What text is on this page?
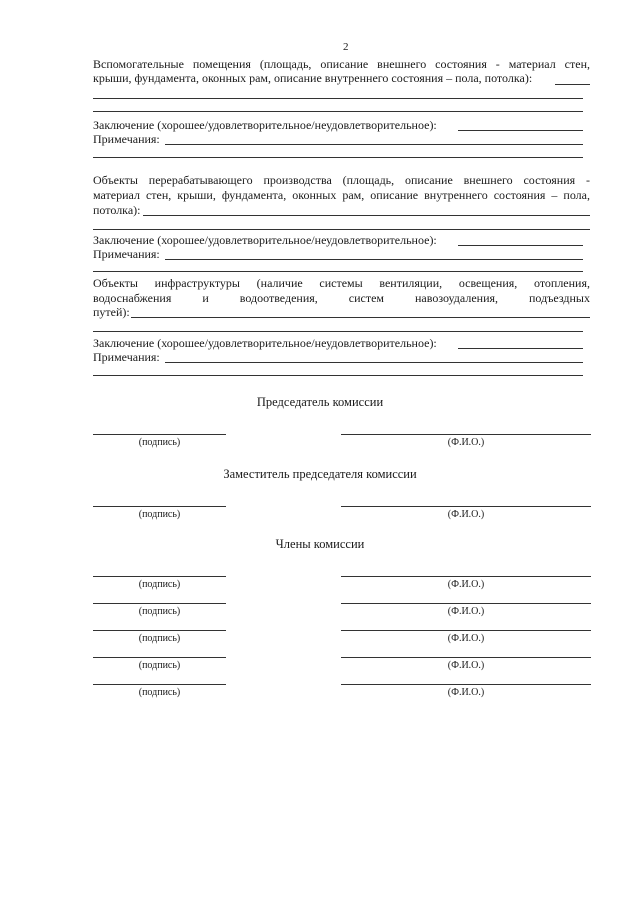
2
Вспомогательные помещения (площадь, описание внешнего состояния - материал стен,
крыши, фундамента, оконных рам, описание внутреннего состояния – пола, потолка):
Заключение (хорошее/удовлетворительное/неудовлетворительное):
Примечания:
Объекты перерабатывающего производства (площадь, описание внешнего состояния -
материал стен, крыши, фундамента, оконных рам, описание внутреннего состояния – пола,
потолка):
Заключение (хорошее/удовлетворительное/неудовлетворительное):
Примечания:
Объекты инфраструктуры (наличие системы вентиляции, освещения, отопления,
водоснабжения и водоотведения, систем навозоудаления, подъездных
путей):
Заключение (хорошее/удовлетворительное/неудовлетворительное):
Примечания:
Председатель комиссии
(подпись)	(Ф.И.О.)
Заместитель председателя комиссии
(подпись)	(Ф.И.О.)
Члены комиссии
(подпись)	(Ф.И.О.)
(подпись)	(Ф.И.О.)
(подпись)	(Ф.И.О.)
(подпись)	(Ф.И.О.)
(подпись)	(Ф.И.О.)
